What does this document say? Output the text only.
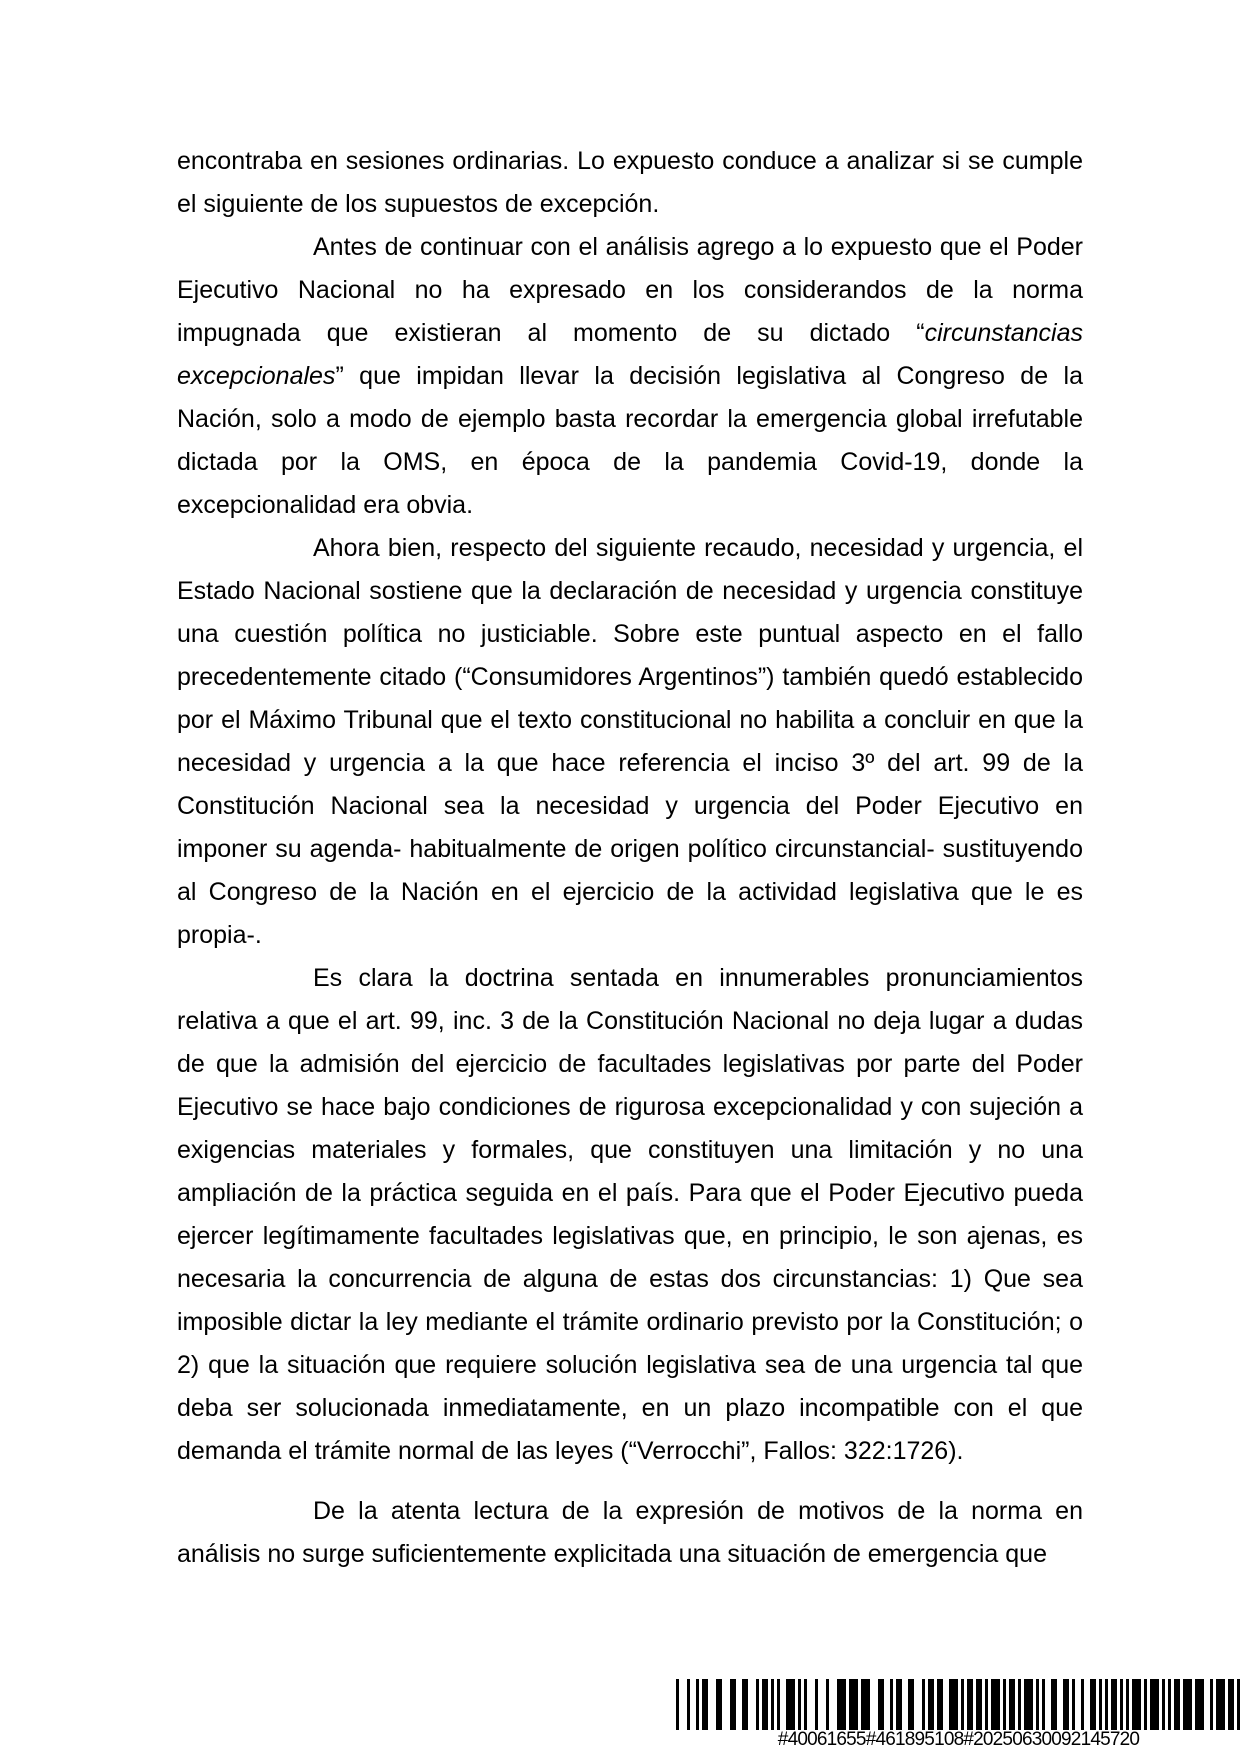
encontraba en sesiones ordinarias. Lo expuesto conduce a analizar si se cumple el siguiente de los supuestos de excepción.

Antes de continuar con el análisis agrego a lo expuesto que el Poder Ejecutivo Nacional no ha expresado en los considerandos de la norma impugnada que existieran al momento de su dictado “circunstancias excepcionales” que impidan llevar la decisión legislativa al Congreso de la Nación, solo a modo de ejemplo basta recordar la emergencia global irrefutable dictada por la OMS, en época de la pandemia Covid-19, donde la excepcionalidad era obvia.

Ahora bien, respecto del siguiente recaudo, necesidad y urgencia, el Estado Nacional sostiene que la declaración de necesidad y urgencia constituye una cuestión política no justiciable. Sobre este puntual aspecto en el fallo precedentemente citado (“Consumidores Argentinos”) también quedó establecido por el Máximo Tribunal que el texto constitucional no habilita a concluir en que la necesidad y urgencia a la que hace referencia el inciso 3º del art. 99 de la Constitución Nacional sea la necesidad y urgencia del Poder Ejecutivo en imponer su agenda- habitualmente de origen político circunstancial- sustituyendo al Congreso de la Nación en el ejercicio de la actividad legislativa que le es propia-.

Es clara la doctrina sentada en innumerables pronunciamientos relativa a que el art. 99, inc. 3 de la Constitución Nacional no deja lugar a dudas de que la admisión del ejercicio de facultades legislativas por parte del Poder Ejecutivo se hace bajo condiciones de rigurosa excepcionalidad y con sujeción a exigencias materiales y formales, que constituyen una limitación y no una ampliación de la práctica seguida en el país. Para que el Poder Ejecutivo pueda ejercer legítimamente facultades legislativas que, en principio, le son ajenas, es necesaria la concurrencia de alguna de estas dos circunstancias: 1) Que sea imposible dictar la ley mediante el trámite ordinario previsto por la Constitución; o 2) que la situación que requiere solución legislativa sea de una urgencia tal que deba ser solucionada inmediatamente, en un plazo incompatible con el que demanda el trámite normal de las leyes (“Verrocchi”, Fallos: 322:1726).

De la atenta lectura de la expresión de motivos de la norma en análisis no surge suficientemente explicitada una situación de emergencia que

#40061655#461895108#20250630092145720
